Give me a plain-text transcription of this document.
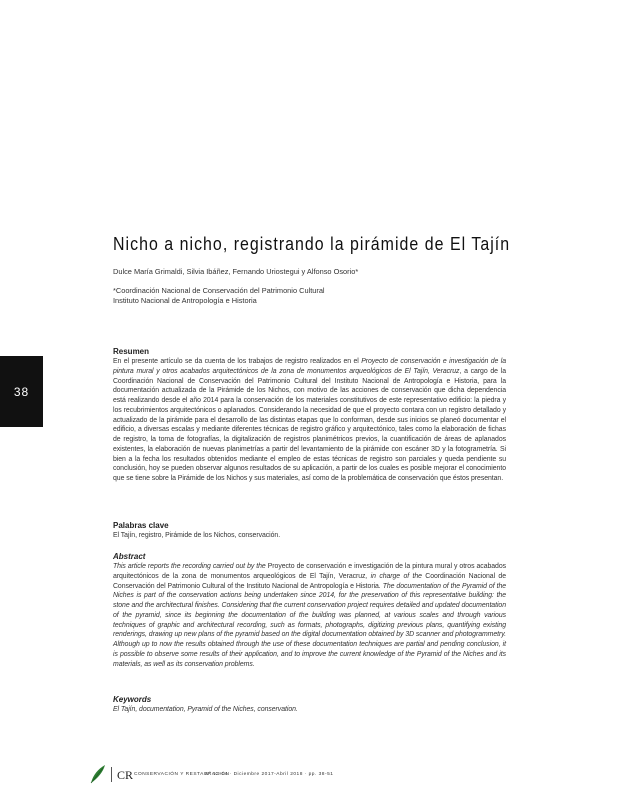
38
Nicho a nicho, registrando la pirámide de El Tajín
Dulce María Grimaldi, Silvia Ibáñez, Fernando Uriostegui y Alfonso Osorio*
*Coordinación Nacional de Conservación del Patrimonio Cultural
Instituto Nacional de Antropología e Historia
Resumen

En el presente artículo se da cuenta de los trabajos de registro realizados en el Proyecto de conservación e investigación de la pintura mural y otros acabados arquitectónicos de la zona de monumentos arqueológicos de El Tajín, Veracruz, a cargo de la Coordinación Nacional de Conservación del Patrimonio Cultural del Instituto Nacional de Antropología e Historia, para la documentación actualizada de la Pirámide de los Nichos, con motivo de las acciones de conservación que dicha dependencia está realizando desde el año 2014 para la conservación de los materiales constitutivos de este representativo edificio: la piedra y los recubrimientos arquitectónicos o aplanados. Considerando la necesidad de que el proyecto contara con un registro detallado y actualizado de la pirámide para el desarrollo de las distintas etapas que lo conforman, desde sus inicios se planeó documentar el edificio, a diversas escalas y mediante diferentes técnicas de registro gráfico y arquitectónico, tales como la elaboración de fichas de registro, la toma de fotografías, la digitalización de registros planimétricos previos, la cuantificación de áreas de aplanados existentes, la elaboración de nuevas planimetrías a partir del levantamiento de la pirámide con escáner 3D y la fotogrametría. Si bien a la fecha los resultados obtenidos mediante el empleo de estas técnicas de registro son parciales y queda pendiente su conclusión, hoy se pueden observar algunos resultados de su aplicación, a partir de los cuales es posible mejorar el conocimiento que se tiene sobre la Pirámide de los Nichos y sus materiales, así como de la problemática de conservación que éstos presentan.

Palabras clave

El Tajín, registro, Pirámide de los Nichos, conservación.

Abstract

This article reports the recording carried out by the Proyecto de conservación e investigación de la pintura mural y otros acabados arquitectónicos de la zona de monumentos arqueológicos de El Tajín, Veracruz, in charge of the Coordinación Nacional de Conservación del Patrimonio Cultural of the Instituto Nacional de Antropología e Historia. The documentation of the Pyramid of the Niches is part of the conservation actions being undertaken since 2014, for the preservation of this representative building: the stone and the architectural finishes. Considering that the current conservation project requires detailed and updated documentation of the pyramid, since its beginning the documentation of the building was planned, at various scales and through various techniques of graphic and architectural recording, such as formats, photographs, digitizing previous plans, quantifying existing renderings, drawing up new plans of the pyramid based on the digital documentation obtained by 3D scanner and photogrammetry. Although up to now the results obtained through the use of these documentation techniques are partial and pending conclusion, it is possible to observe some results of their application, and to improve the current knowledge of the Pyramid of the Niches and its materials, as well as its conservation problems.

Keywords

El Tajín, documentation, Pyramid of the Niches, conservation.

CR CONSERVACIÓN Y RESTAURACIÓN
Nº 13-14 · Diciembre 2017-Abril 2018 · pp. 38-51
